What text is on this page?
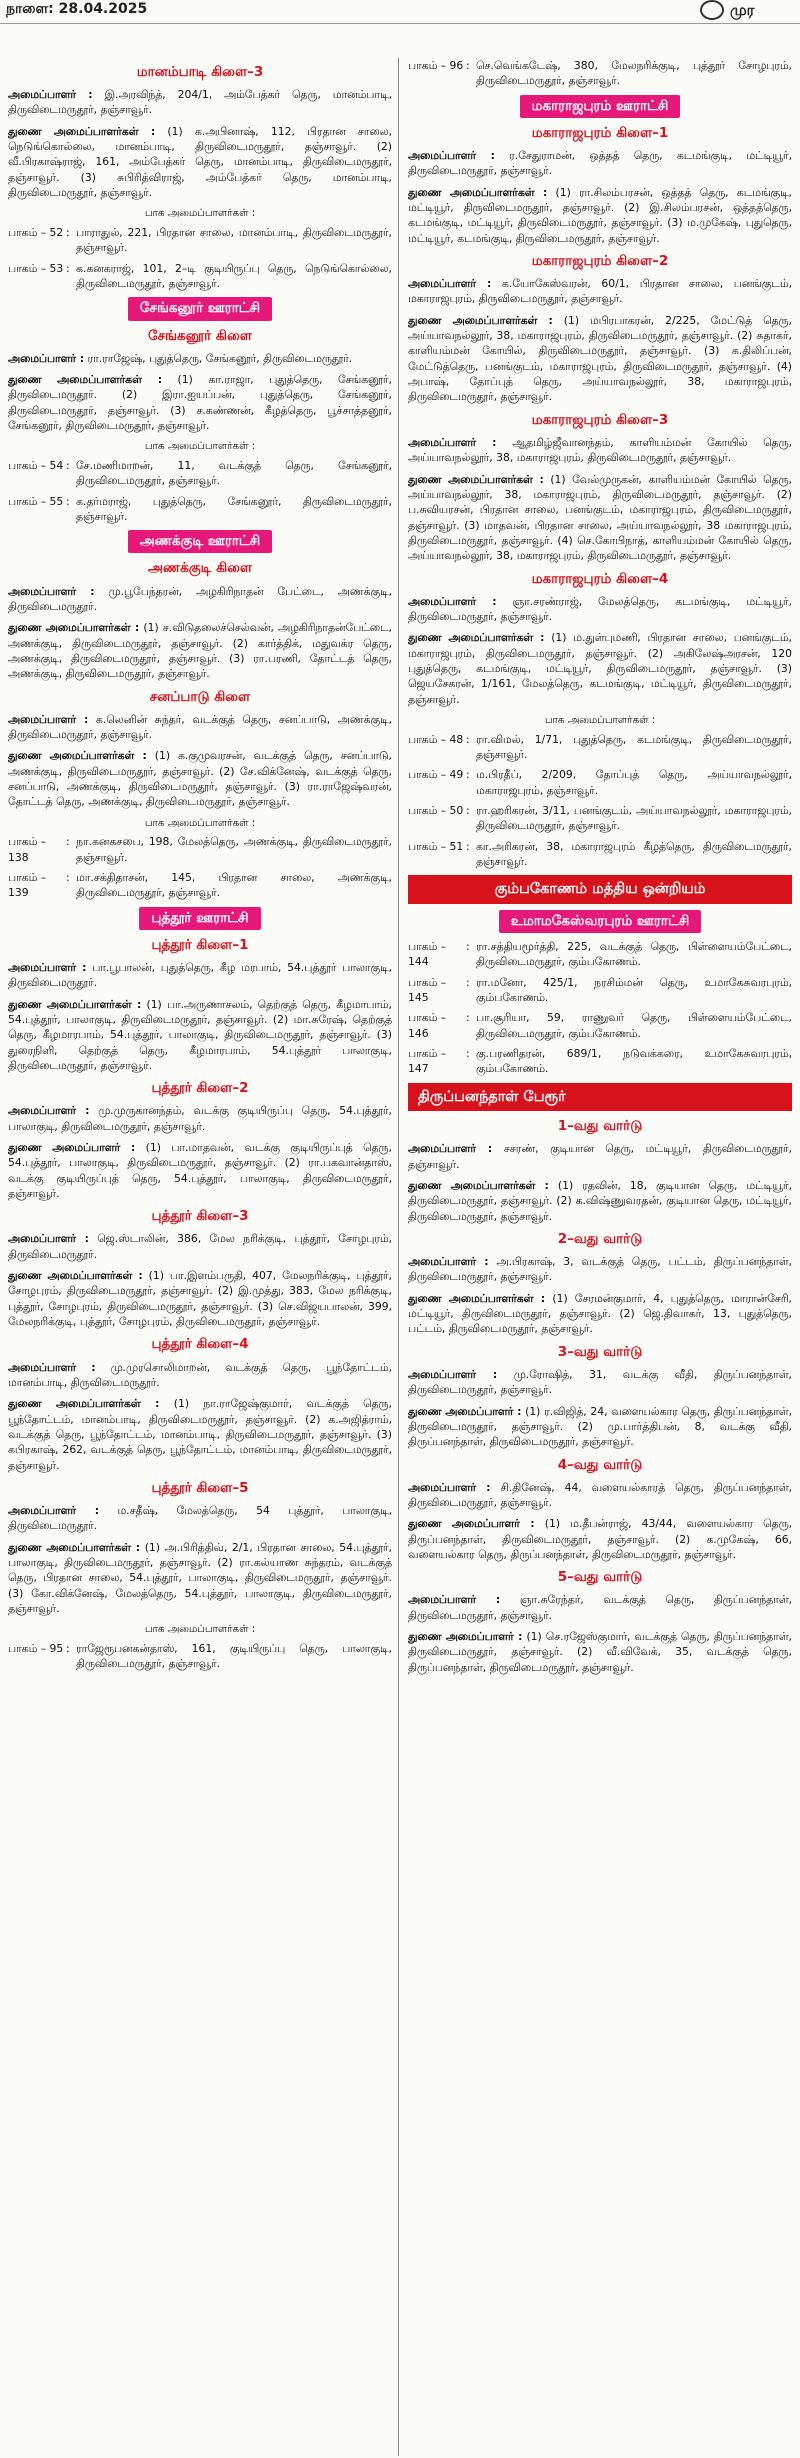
நாளை: 28.04.2025	முர
மானம்பாடி கிளை–3

அமைப்பாளர் : இ.அரவிந்த், 204/1, அம்பேத்கர் தெரு, மானம்பாடி, திருவிடைமருதூர், தஞ்சாவூர்.

துணை அமைப்பாளர்கள் : (1) க.அபினாஷ், 112, பிரதான சாலை, நெடுங்கொல்லை, மானம்பாடி, திருவிடைமருதூர், தஞ்சாவூர். (2) வீ.பிரகாஷ்ராஜ், 161, அம்பேத்கர் தெரு, மானம்பாடி, திருவிடைமருதூர், தஞ்சாவூர். (3) சுபிரித்விராஜ், அம்பேத்கர் தெரு, மானம்பாடி, திருவிடைமருதூர், தஞ்சாவூர்.

பாக அமைப்பாளர்கள் :
பாகம் – 52 : பாராதுல், 221, பிரதான சாலை, மானம்பாடி, திருவிடைமருதூர், தஞ்சாவூர்.
பாகம் – 53 : க.கனகராஜ், 101, 2–டி குடியிருப்பு தெரு, நெடுங்கொல்லை, திருவிடைமருதூர், தஞ்சாவூர்.
சேங்கனூர் ஊராட்சி
சேங்கனூர் கிளை

அமைப்பாளர் : ரா.ராஜேஷ், புதுத்தெரு, சேங்கனூர், திருவிடைமருதூர்.

துணை அமைப்பாளர்கள் : (1) கா.ராஜா, புதுத்தெரு, சேங்கனூர், திருவிடைமருதூர். (2) இரா.ஐயப்பன், புதுத்தெரு, சேங்கனூர், திருவிடைமருதூர், தஞ்சாவூர். (3) ச.கண்ணன், கீழத்தெரு, பூச்சாத்தனூர், சேங்கனூர், திருவிடைமருதூர், தஞ்சாவூர்.

பாக அமைப்பாளர்கள் :
பாகம் – 54 : சே.மணிமாறன், 11, வடக்குத் தெரு, சேங்கனூர், திருவிடைமருதூர், தஞ்சாவூர்.
பாகம் – 55 : க.தர்மராஜ், புதுத்தெரு, சேங்கனூர், திருவிடைமருதூர், தஞ்சாவூர்.
அணக்குடி ஊராட்சி
அணக்குடி கிளை

அமைப்பாளர் : மு.பூபேந்தரன், அழகிரிநாதன் பேட்டை, அணக்குடி, திருவிடைமருதூர்.

துணை அமைப்பாளர்கள் : (1) ச.விடுதலைச்செல்வன், அழகிரிநாதன்பேட்டை, அணக்குடி, திருவிடைமருதூர், தஞ்சாவூர். (2) கார்த்திக், மதுவக்ர தெரு, அணக்குடி, திருவிடைமருதூர், தஞ்சாவூர். (3) ரா.பரணி, தோட்டத் தெரு, அணக்குடி, திருவிடைமருதூர், தஞ்சாவூர்.

சனப்பாடு கிளை

அமைப்பாளர் : க.லெனின் சுந்தர், வடக்குத் தெரு, சனப்பாடு, அணக்குடி, திருவிடைமருதூர், தஞ்சாவூர்.

துணை அமைப்பாளர்கள் : (1) க.குமுவரசன், வடக்குத் தெரு, சனப்பாடு, அணக்குடி, திருவிடைமருதூர், தஞ்சாவூர். (2) சே.விக்னேஷ், வடக்குத் தெரு, சனப்பாடு, அணக்குடி, திருவிடைமருதூர், தஞ்சாவூர். (3) ரா.ராஜேஷ்வரன், தோட்டத் தெரு, அணக்குடி, திருவிடைமருதூர், தஞ்சாவூர்.

பாக அமைப்பாளர்கள் :
பாகம் – 138
: நா.கனகசபை, 198, மேலத்தெரு, அணக்குடி, திருவிடைமருதூர், தஞ்சாவூர்.
பாகம் – 139
: மா.சக்திதாசன், 145, பிரதான சாலை, அணக்குடி, திருவிடைமருதூர், தஞ்சாவூர்.
புத்தூர் ஊராட்சி
புத்தூர் கிளை–1

அமைப்பாளர் : பா.பூபாலன், புதுத்தெரு, கீழ மரபாம், 54.புத்தூர் பாலாகுடி, திருவிடைமருதூர்.

துணை அமைப்பாளர்கள் : (1) பா.அருணாசலம், தெற்குத் தெரு, கீழமாபாம், 54.புத்தூர், பாலாகுடி, திருவிடைமருதூர், தஞ்சாவூர். (2) மா.சுரேஷ், தெற்குத் தெரு, கீழமாரபாம், 54.புத்தூர், பாலாகுடி, திருவிடைமருதூர், தஞ்சாவூர். (3) துரைநிளி, தெற்குத் தெரு, கீழமாரபாம், 54.புத்தூர் பாலாகுடி, திருவிடைமருதூர், தஞ்சாவூர்.

புத்தூர் கிளை–2

அமைப்பாளர் : மு.முருகானந்தம், வடக்கு குடியிருப்பு தெரு, 54.புத்தூர், பாலாகுடி, திருவிடைமருதூர், தஞ்சாவூர்.

துணை அமைப்பாளர் : (1) பா.மாதவன், வடக்கு குடியிருப்புத் தெரு, 54.புத்தூர், பாலாகுடி, திருவிடைமருதூர், தஞ்சாவூர். (2) ரா.பகவான்தாஸ், வடக்கு குடியிருப்புத் தெரு, 54.புத்தூர், பாலாகுடி, திருவிடைமருதூர், தஞ்சாவூர்.

புத்தூர் கிளை–3

அமைப்பாளர் : ஜெ.ஸ்டாலின், 386, மேல நரிக்குடி, புத்தூர், சோழபுரம், திருவிடைமருதூர்.

துணை அமைப்பாளர்கள் : (1) பா.இளம்பருதி, 407, மேலநரிக்குடி, புத்தூர், சோழபுரம், திருவிடைமருதூர், தஞ்சாவூர். (2) இ.முத்து, 383, மேல நரிக்குடி, புத்தூர், சோழபுரம், திருவிடைமருதூர், தஞ்சாவூர். (3) செ.விஜயபாலன், 399, மேலநரிக்குடி, புத்தூர், சோழபுரம், திருவிடைமருதூர், தஞ்சாவூர்.

புத்தூர் கிளை–4

அமைப்பாளர் : மு.முரசொலிமாறன், வடக்குத் தெரு, பூந்தோட்டம், மானம்பாடி, திருவிடைமருதூர்.

துணை அமைப்பாளர்கள் : (1) நா.ராஜேஷ்குமார், வடக்குத் தெரு, பூந்தோட்டம், மானம்பாடி, திருவிடைமருதூர், தஞ்சாவூர். (2) க.அஜித்ராம், வடக்குத் தெரு, பூந்தோட்டம், மானம்பாடி, திருவிடைமருதூர், தஞ்சாவூர். (3) கபிரகாஷ், 262, வடக்குத் தெரு, பூந்தோட்டம், மானம்பாடி, திருவிடைமருதூர், தஞ்சாவூர்.

புத்தூர் கிளை–5

அமைப்பாளர் : ம.சதீஷ், மேலத்தெரு, 54 புத்தூர், பாலாகுடி, திருவிடைமருதூர்.

துணை அமைப்பாளர்கள் : (1) அ.பிரித்திவ், 2/1, பிரதான சாலை, 54.புத்தூர், பாலாகுடி, திருவிடைமருதூர், தஞ்சாவூர். (2) ரா.கல்யாண சுந்தரம், வடக்குத் தெரு, பிரதான சாலை, 54.புத்தூர், பாலாகுடி, திருவிடைமருதூர், தஞ்சாவூர். (3) கோ.விக்னேஷ், மேலத்தெரு, 54.புத்தூர், பாலாகுடி, திருவிடைமருதூர், தஞ்சாவூர்.

பாக அமைப்பாளர்கள் :
பாகம் – 95 : ராஜேரூபனகன்தாஸ், 161, குடியிருப்பு தெரு, பாலாகுடி, திருவிடைமருதூர், தஞ்சாவூர்.
பாகம் – 96 : செ.வெங்கடேஷ், 380, மேலநரிக்குடி, புத்தூர் சோழபுரம், திருவிடைமருதூர், தஞ்சாவூர்.
மகாராஜபுரம் ஊராட்சி
மகாராஜபுரம் கிளை–1

அமைப்பாளர் : ர.சேதுராமன், ஒத்தத் தெரு, கடமங்குடி, மட்டியூர், திருவிடைமருதூர், தஞ்சாவூர்.

துணை அமைப்பாளர்கள் : (1) ரா.சிலம்பரசன், ஒத்தத் தெரு, கடமங்குடி, மட்டியூர், திருவிடைமருதூர், தஞ்சாவூர். (2) இ.சிலம்பரசன், ஒத்தத்தெரு, கடமங்குடி, மட்டியூர், திருவிடைமருதூர், தஞ்சாவூர். (3) ம.முகேஷ், புதுதெரு, மட்டியூர், கடமங்குடி, திருவிடைமருதூர், தஞ்சாவூர்.

மகாராஜபுரம் கிளை–2

அமைப்பாளர் : க.யோகேஸ்வரன், 60/1, பிரதான சாலை, பனங்குடம், மகாராஜபுரம், திருவிடைமருதூர், தஞ்சாவூர்.

துணை அமைப்பாளர்கள் : (1) மபிரபாகரன், 2/225, மேட்டுத் தெரு, அய்யாவநல்லூர், 38, மகாராஜபுரம், திருவிடைமருதூர், தஞ்சாவூர். (2) சுதாகர், காளியம்மன் கோயில், திருவிடைமருதூர், தஞ்சாவூர். (3) க.திலிப்பன், மேட்டுத்தெரு, பனங்குடம், மகாராஜபுரம், திருவிடைமருதூர், தஞ்சாவூர். (4) அபாஷ், தோப்புத் தெரு, அய்யாவநல்லூர், 38, மகாராஜபுரம், திருவிடைமருதூர், தஞ்சாவூர்.

மகாராஜபுரம் கிளை–3

அமைப்பாளர் : ஆதமிழ்ஜீவானந்தம், காளியம்மன் கோயில் தெரு, அய்யாவநல்லூர், 38, மகாராஜபுரம், திருவிடைமருதூர், தஞ்சாவூர்.

துணை அமைப்பாளர்கள் : (1) வேல்முருகன், காளியம்மன் கோயில் தெரு, அய்யாவநல்லூர், 38, மகாராஜபுரம், திருவிடைமருதூர், தஞ்சாவூர். (2) ப.சுவியரசன், பிரதான சாலை, பனங்குடம், மகாராஜபுரம், திருவிடைமருதூர், தஞ்சாவூர். (3) மாதவன், பிரதான சாலை, அய்யாவநல்லூர், 38 மகாராஜபுரம், திருவிடைமருதூர், தஞ்சாவூர். (4) செ.கோபிநாத், காளியம்மன் கோயில் தெரு, அய்யாவநல்லூர், 38, மகாராஜபுரம், திருவிடைமருதூர், தஞ்சாவூர்.

மகாராஜபுரம் கிளை–4

அமைப்பாளர் : ஞா.சரண்ராஜ், மேலத்தெரு, கடமங்குடி, மட்டியூர், திருவிடைமருதூர், தஞ்சாவூர்.

துணை அமைப்பாளர்கள் : (1) ம.துள்புமணி, பிரதான சாலை, பனங்குடம், மகாராஜபுரம், திருவிடைமருதூர், தஞ்சாவூர். (2) அகிலேஷ்அரசன், 120 புதுத்தெரு, கடமங்குடி, மட்டியூர், திருவிடைமருதூர், தஞ்சாவூர். (3) ஜெயசேகரன், 1/161, மேலத்தெரு, கடமங்குடி, மட்டியூர், திருவிடைமருதூர், தஞ்சாவூர்.

பாக அமைப்பாளர்கள் :
பாகம் – 48 : ரா.விமல், 1/71, புதுத்தெரு, கடமங்குடி, திருவிடைமருதூர், தஞ்சாவூர்.
பாகம் – 49 : ம.பிரதீப், 2/209, தோப்புத் தெரு, அய்யாவநல்லூர், மகாராஜபுரம், தஞ்சாவூர்.
பாகம் – 50 : ரா.ஹரிகரன், 3/11, பனங்குடம், அய்யாவநல்லூர், மகாராஜபுரம், திருவிடைமருதூர், தஞ்சாவூர்.
பாகம் – 51 : கா.அரிகரன், 38, மகாராஜபுரம் கீழத்தெரு, திருவிடைமருதூர், தஞ்சாவூர்.
கும்பகோணம் மத்திய ஒன்றியம்
உமாமகேஸ்வரபுரம் ஊராட்சி
பாகம் – 144
: ரா.சத்தியமூர்த்தி, 225, வடக்குத் தெரு, பிள்ளையம்பேட்டை, திருவிடைமருதூர், கும்பகோணம்.
பாகம் – 145
: ரா.மனோ, 425/1, நரசிம்மன் தெரு, உமாகேசுவரபுரம், கும்பகோணம்.
பாகம் – 146
: பா.சூரியா, 59, ராணுவர் தெரு, பிள்ளையம்பேட்டை, திருவிடைமருதூர், கும்பகோணம்.
பாகம் – 147
: கு.பரணிதரன், 689/1, நடுவக்கரை, உமாகேசுவரபுரம், கும்பகோணம்.
திருப்பனந்தாள் பேரூர்
1–வது வார்டு

அமைப்பாளர் : சசரண், குடியான தெரு, மட்டியூர், திருவிடைமருதூர், தஞ்சாவூர்.

துணை அமைப்பாளர்கள் : (1) ரதவின், 18, குடியான தெரு, மட்டியூர், திருவிடைமருதூர், தஞ்சாவூர். (2) க.விஷ்ணுவரதன், குடியான தெரு, மட்டியூர், திருவிடைமருதூர், தஞ்சாவூர்.

2–வது வார்டு

அமைப்பாளர் : அ.பிரகாஷ், 3, வடக்குத் தெரு, பட்டம், திருப்பனந்தாள், திருவிடைமருதூர், தஞ்சாவூர்.

துணை அமைப்பாளர்கள் : (1) சேரமன்குமார், 4, புதுத்தெரு, மாரான்சேரி, மட்டியூர், திருவிடைமருதூர், தஞ்சாவூர். (2) ஜெ.திவாகர், 13, புதுத்தெரு, பட்டம், திருவிடைமருதூர், தஞ்சாவூர்.

3–வது வார்டு

அமைப்பாளர் : மு.ரோஷித், 31, வடக்கு வீதி, திருப்பனந்தாள், திருவிடைமருதூர், தஞ்சாவூர்.

துணை அமைப்பாளர் : (1) ர.விஜித், 24, வளையல்கார தெரு, திருப்பனந்தாள், திருவிடைமருதூர், தஞ்சாவூர். (2) மு.பார்த்திபன், 8, வடக்கு வீதி, திருப்பனந்தாள், திருவிடைமருதூர், தஞ்சாவூர்.

4–வது வார்டு

அமைப்பாளர் : சி.தினேஷ், 44, வளையல்காரத் தெரு, திருப்பனந்தாள், திருவிடைமருதூர், தஞ்சாவூர்.

துணை அமைப்பாளர் : (1) ம.தீபன்ராஜ், 43/44, வளையல்கார தெரு, திருப்பனந்தாள், திருவிடைமருதூர், தஞ்சாவூர். (2) க.முகேஷ், 66, வளையல்கார தெரு, திருப்பனந்தாள், திருவிடைமருதூர், தஞ்சாவூர்.

5–வது வார்டு

அமைப்பாளர் : ஞா.சுரேந்தர், வடக்குத் தெரு, திருப்பனந்தாள், திருவிடைமருதூர், தஞ்சாவூர்.

துணை அமைப்பாளர் : (1) செ.ரஜேஸ்குமார், வடக்குத் தெரு, திருப்பனந்தாள், திருவிடைமருதூர், தஞ்சாவூர். (2) வீ.விவேக், 35, வடக்குத் தெரு, திருப்பனந்தாள், திருவிடைமருதூர், தஞ்சாவூர்.
